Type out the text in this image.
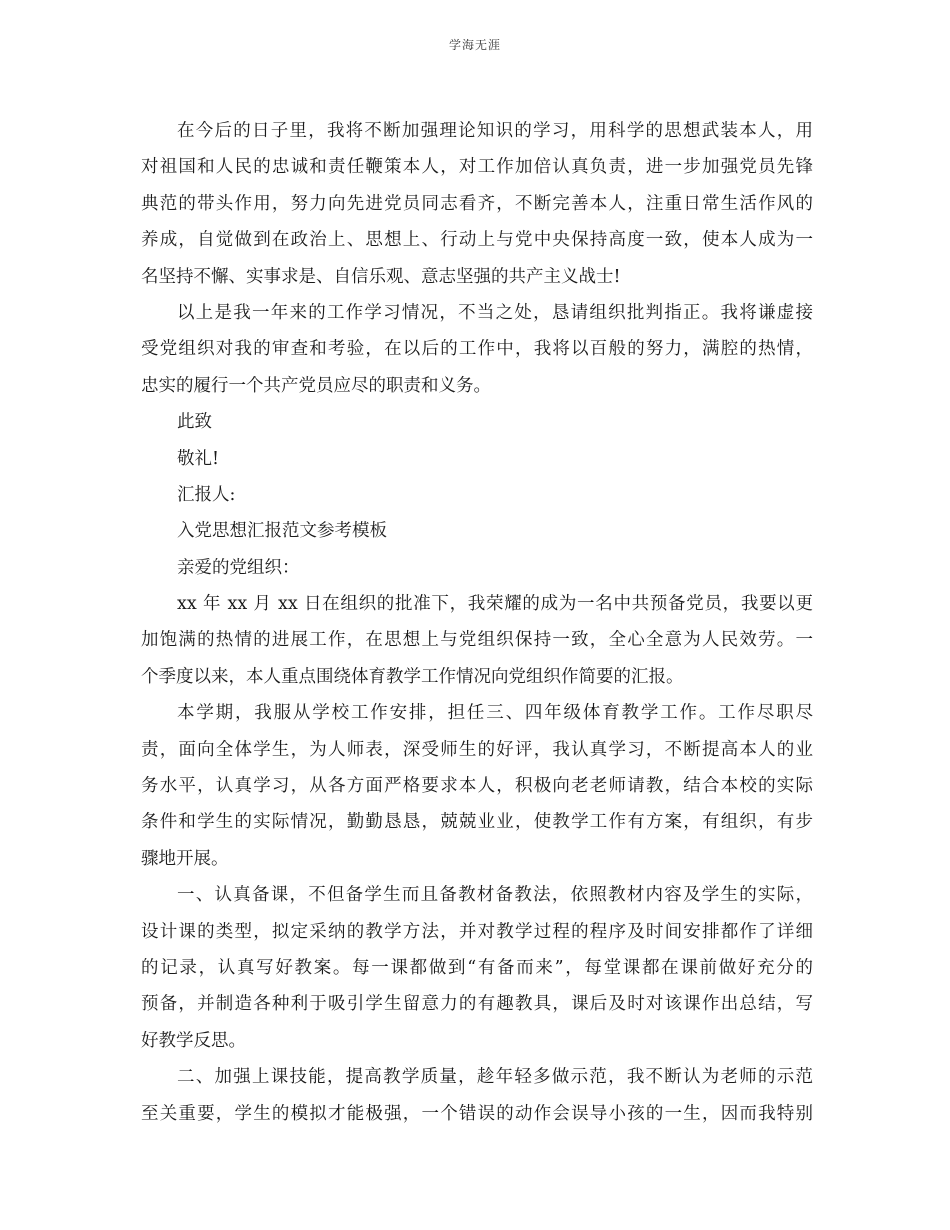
学海无涯
在今后的日子里，我将不断加强理论知识的学习，用科学的思想武装本人，用
对祖国和人民的忠诚和责任鞭策本人，对工作加倍认真负责，进一步加强党员先锋
典范的带头作用，努力向先进党员同志看齐，不断完善本人，注重日常生活作风的
养成，自觉做到在政治上、思想上、行动上与党中央保持高度一致，使本人成为一
名坚持不懈、实事求是、自信乐观、意志坚强的共产主义战士!
以上是我一年来的工作学习情况，不当之处，恳请组织批判指正。我将谦虚接
受党组织对我的审查和考验，在以后的工作中，我将以百般的努力，满腔的热情，
忠实的履行一个共产党员应尽的职责和义务。
此致
敬礼!
汇报人:
入党思想汇报范文参考模板
亲爱的党组织：
xx 年 xx 月 xx 日在组织的批准下，我荣耀的成为一名中共预备党员，我要以更
加饱满的热情的进展工作，在思想上与党组织保持一致，全心全意为人民效劳。一
个季度以来，本人重点围绕体育教学工作情况向党组织作简要的汇报。
本学期，我服从学校工作安排，担任三、四年级体育教学工作。工作尽职尽
责，面向全体学生，为人师表，深受师生的好评，我认真学习，不断提高本人的业
务水平，认真学习，从各方面严格要求本人，积极向老老师请教，结合本校的实际
条件和学生的实际情况，勤勤恳恳，兢兢业业，使教学工作有方案，有组织，有步
骤地开展。
一、认真备课，不但备学生而且备教材备教法，依照教材内容及学生的实际，
设计课的类型，拟定采纳的教学方法，并对教学过程的程序及时间安排都作了详细
的记录，认真写好教案。每一课都做到“有备而来”，每堂课都在课前做好充分的
预备，并制造各种利于吸引学生留意力的有趣教具，课后及时对该课作出总结，写
好教学反思。
二、加强上课技能，提高教学质量，趁年轻多做示范，我不断认为老师的示范
至关重要，学生的模拟才能极强，一个错误的动作会误导小孩的一生，因而我特别
